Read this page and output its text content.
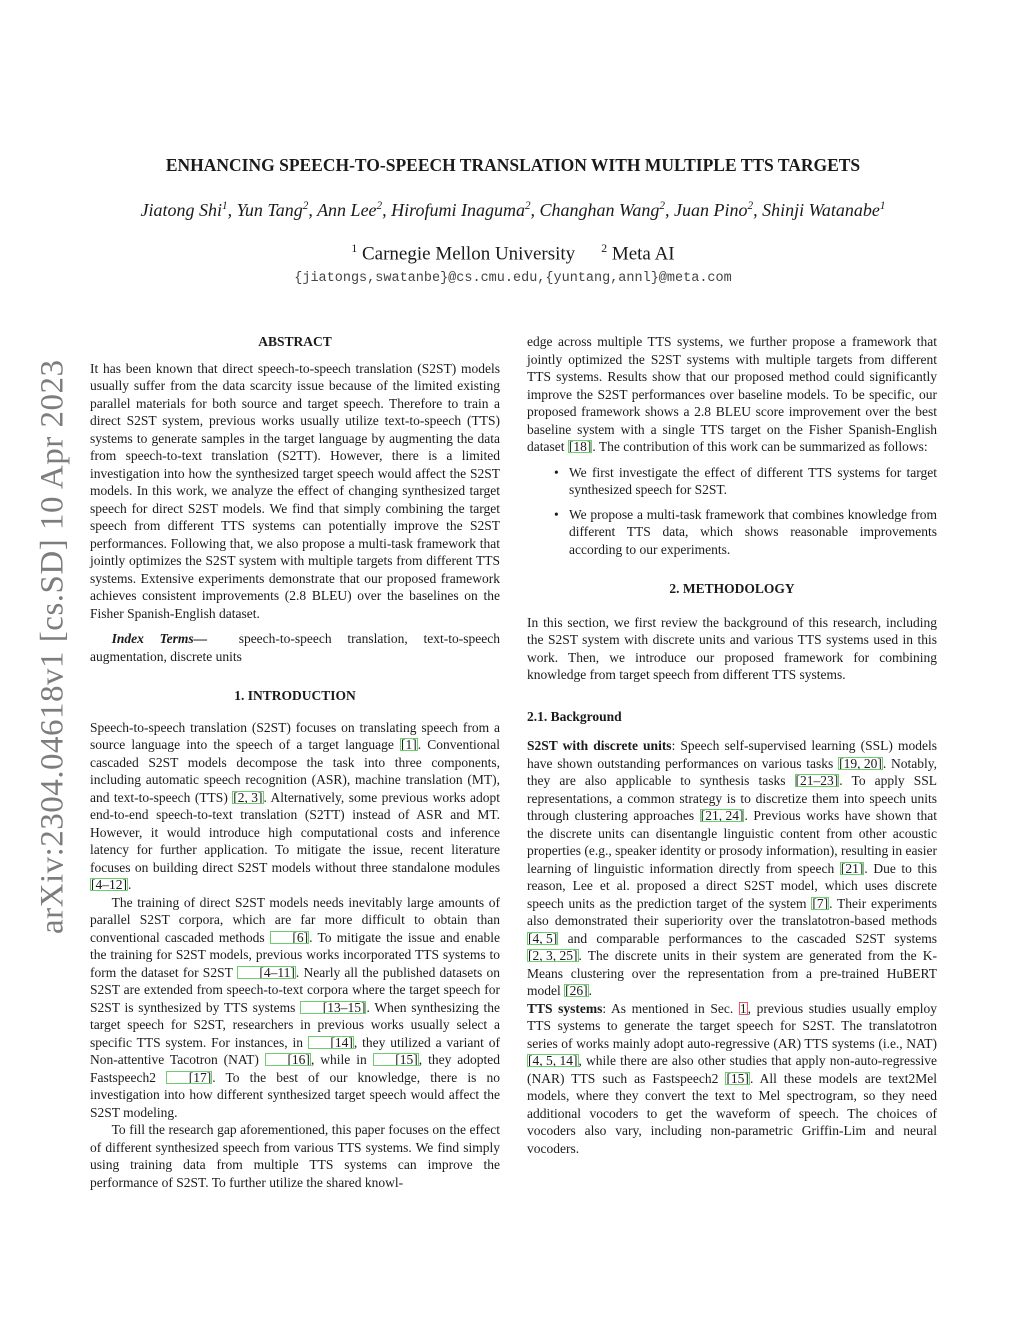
arXiv:2304.04618v1 [cs.SD] 10 Apr 2023
ENHANCING SPEECH-TO-SPEECH TRANSLATION WITH MULTIPLE TTS TARGETS
Jiatong Shi$^1$, Yun Tang$^2$, Ann Lee$^2$, Hirofumi Inaguma$^2$, Changhan Wang$^2$, Juan Pino$^2$, Shinji Watanabe$^1$
$^1$ Carnegie Mellon University $^2$ Meta AI
{jiatongs,swatanbe}@cs.cmu.edu,{yuntang,annl}@meta.com
ABSTRACT

It has been known that direct speech-to-speech translation (S2ST) models usually suffer from the data scarcity issue because of the limited existing parallel materials for both source and target speech. Therefore to train a direct S2ST system, previous works usually utilize text-to-speech (TTS) systems to generate samples in the target language by augmenting the data from speech-to-text translation (S2TT). However, there is a limited investigation into how the synthesized target speech would affect the S2ST models. In this work, we analyze the effect of changing synthesized target speech for direct S2ST models. We find that simply combining the target speech from different TTS systems can potentially improve the S2ST performances. Following that, we also propose a multi-task framework that jointly optimizes the S2ST system with multiple targets from different TTS systems. Extensive experiments demonstrate that our proposed framework achieves consistent improvements (2.8 BLEU) over the baselines on the Fisher Spanish-English dataset.

Index Terms— speech-to-speech translation, text-to-speech augmentation, discrete units

1. INTRODUCTION

Speech-to-speech translation (S2ST) focuses on translating speech from a source language into the speech of a target language [1]. Conventional cascaded S2ST models decompose the task into three components, including automatic speech recognition (ASR), machine translation (MT), and text-to-speech (TTS) [2, 3]. Alternatively, some previous works adopt end-to-end speech-to-text translation (S2TT) instead of ASR and MT. However, it would introduce high computational costs and inference latency for further application. To mitigate the issue, recent literature focuses on building direct S2ST models without three standalone modules [4–12].

The training of direct S2ST models needs inevitably large amounts of parallel S2ST corpora, which are far more difficult to obtain than conventional cascaded methods [6]. To mitigate the issue and enable the training for S2ST models, previous works incorporated TTS systems to form the dataset for S2ST [4–11]. Nearly all the published datasets on S2ST are extended from speech-to-text corpora where the target speech for S2ST is synthesized by TTS systems [13–15]. When synthesizing the target speech for S2ST, researchers in previous works usually select a specific TTS system. For instances, in [14], they utilized a variant of Non-attentive Tacotron (NAT) [16], while in [15], they adopted Fastspeech2 [17]. To the best of our knowledge, there is no investigation into how different synthesized target speech would affect the S2ST modeling.

To fill the research gap aforementioned, this paper focuses on the effect of different synthesized speech from various TTS systems. We find simply using training data from multiple TTS systems can improve the performance of S2ST. To further utilize the shared knowl-

edge across multiple TTS systems, we further propose a framework that jointly optimized the S2ST systems with multiple targets from different TTS systems. Results show that our proposed method could significantly improve the S2ST performances over baseline models. To be specific, our proposed framework shows a 2.8 BLEU score improvement over the best baseline system with a single TTS target on the Fisher Spanish-English dataset [18]. The contribution of this work can be summarized as follows:

• We first investigate the effect of different TTS systems for target synthesized speech for S2ST.
• We propose a multi-task framework that combines knowledge from different TTS data, which shows reasonable improvements according to our experiments.
2. METHODOLOGY

In this section, we first review the background of this research, including the S2ST system with discrete units and various TTS systems used in this work. Then, we introduce our proposed framework for combining knowledge from target speech from different TTS systems.

2.1. Background

S2ST with discrete units: Speech self-supervised learning (SSL) models have shown outstanding performances on various tasks [19, 20]. Notably, they are also applicable to synthesis tasks [21–23]. To apply SSL representations, a common strategy is to discretize them into speech units through clustering approaches [21, 24]. Previous works have shown that the discrete units can disentangle linguistic content from other acoustic properties (e.g., speaker identity or prosody information), resulting in easier learning of linguistic information directly from speech [21]. Due to this reason, Lee et al. proposed a direct S2ST model, which uses discrete speech units as the prediction target of the system [7]. Their experiments also demonstrated their superiority over the translatotron-based methods [4, 5] and comparable performances to the cascaded S2ST systems [2, 3, 25]. The discrete units in their system are generated from the K-Means clustering over the representation from a pre-trained HuBERT model [26].

TTS systems: As mentioned in Sec. 1, previous studies usually employ TTS systems to generate the target speech for S2ST. The translatotron series of works mainly adopt auto-regressive (AR) TTS systems (i.e., NAT) [4, 5, 14], while there are also other studies that apply non-auto-regressive (NAR) TTS such as Fastspeech2 [15]. All these models are text2Mel models, where they convert the text to Mel spectrogram, so they need additional vocoders to get the waveform of speech. The choices of vocoders also vary, including non-parametric Griffin-Lim and neural vocoders.
